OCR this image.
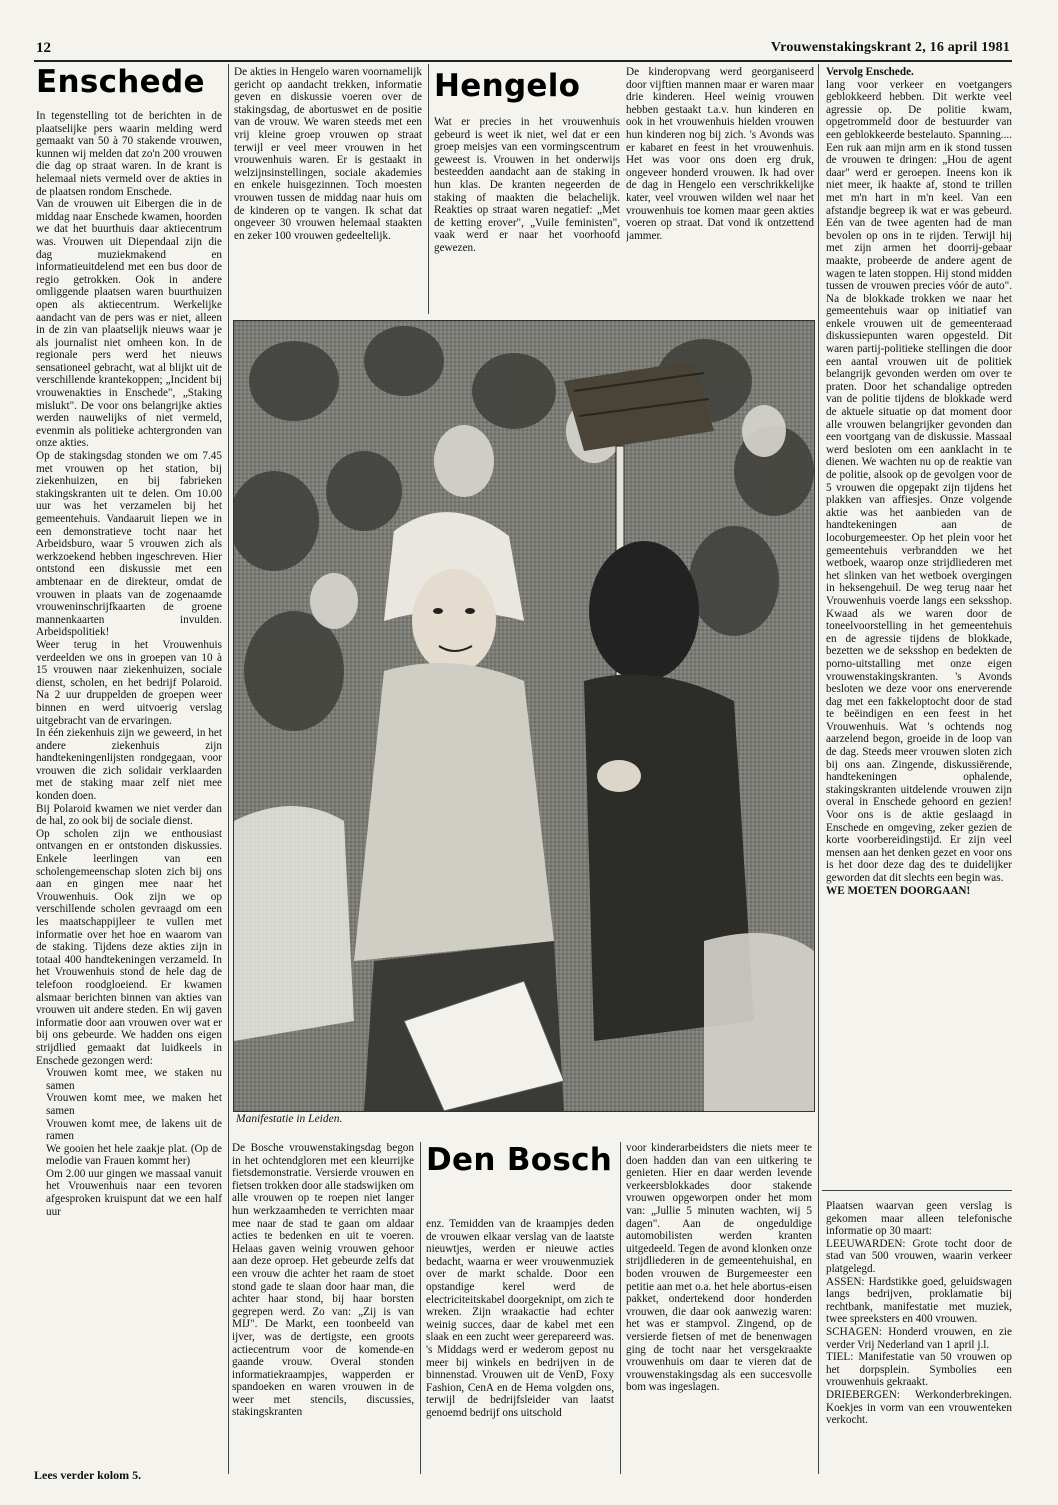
12	Vrouwenstakingskrant 2, 16 april 1981
Enschede

In tegenstelling tot de berichten in de plaatselijke pers waarin melding werd gemaakt van 50 à 70 stakende vrouwen, kunnen wij melden dat zo'n 200 vrouwen die dag op straat waren. In de krant is helemaal niets vermeld over de akties in de plaatsen rondom Enschede.

Van de vrouwen uit Eibergen die in de middag naar Enschede kwamen, hoorden we dat het buurthuis daar aktiecentrum was. Vrouwen uit Diependaal zijn die dag muziekmakend en informatieuitdelend met een bus door de regio getrokken. Ook in andere omliggende plaatsen waren buurthuizen open als aktiecentrum. Werkelijke aandacht van de pers was er niet, alleen in de zin van plaatselijk nieuws waar je als journalist niet omheen kon. In de regionale pers werd het nieuws sensationeel gebracht, wat al blijkt uit de verschillende krantekoppen; „Incident bij vrouwenakties in Enschede", „Staking mislukt". De voor ons belangrijke akties werden nauwelijks of niet vermeld, evenmin als politieke achtergronden van onze akties.

Op de stakingsdag stonden we om 7.45 met vrouwen op het station, bij ziekenhuizen, en bij fabrieken stakingskranten uit te delen. Om 10.00 uur was het verzamelen bij het gemeentehuis. Vandaaruit liepen we in een demonstratieve tocht naar het Arbeidsburo, waar 5 vrouwen zich als werkzoekend hebben ingeschreven. Hier ontstond een diskussie met een ambtenaar en de direkteur, omdat de vrouwen in plaats van de zogenaamde vrouweninschrijfkaarten de groene mannenkaarten invulden. Arbeidspolitiek!

Weer terug in het Vrouwenhuis verdeelden we ons in groepen van 10 à 15 vrouwen naar ziekenhuizen, sociale dienst, scholen, en het bedrijf Polaroid. Na 2 uur druppelden de groepen weer binnen en werd uitvoerig verslag uitgebracht van de ervaringen.

In één ziekenhuis zijn we geweerd, in het andere ziekenhuis zijn handtekeningenlijsten rondgegaan, voor vrouwen die zich solidair verklaarden met de staking maar zelf niet mee konden doen.

Bij Polaroid kwamen we niet verder dan de hal, zo ook bij de sociale dienst.

Op scholen zijn we enthousiast ontvangen en er ontstonden diskussies. Enkele leerlingen van een scholengemeenschap sloten zich bij ons aan en gingen mee naar het Vrouwenhuis. Ook zijn we op verschillende scholen gevraagd om een les maatschappijleer te vullen met informatie over het hoe en waarom van de staking. Tijdens deze akties zijn in totaal 400 handtekeningen verzameld. In het Vrouwenhuis stond de hele dag de telefoon roodgloeiend. Er kwamen alsmaar berichten binnen van akties van vrouwen uit andere steden. En wij gaven informatie door aan vrouwen over wat er bij ons gebeurde. We hadden ons eigen strijdlied gemaakt dat luidkeels in Enschede gezongen werd:

Vrouwen komt mee, we staken nu samen

Vrouwen komt mee, we maken het samen

Vrouwen komt mee, de lakens uit de ramen

We gooien het hele zaakje plat. (Op de melodie van Frauen kommt her)

Om 2.00 uur gingen we massaal vanuit het Vrouwenhuis naar een tevoren afgesproken kruispunt dat we een half uur

Lees verder kolom 5.

De akties in Hengelo waren voornamelijk gericht op aandacht trekken, informatie geven en diskussie voeren over de stakingsdag, de abortuswet en de positie van de vrouw. We waren steeds met een vrij kleine groep vrouwen op straat terwijl er veel meer vrouwen in het vrouwenhuis waren. Er is gestaakt in welzijnsinstellingen, sociale akademies en enkele huisgezinnen. Toch moesten vrouwen tussen de middag naar huis om de kinderen op te vangen. Ik schat dat ongeveer 30 vrouwen helemaal staakten en zeker 100 vrouwen gedeeltelijk.

Hengelo

Wat er precies in het vrouwenhuis gebeurd is weet ik niet, wel dat er een groep meisjes van een vormingscentrum geweest is. Vrouwen in het onderwijs besteedden aandacht aan de staking in hun klas. De kranten negeerden de staking of maakten die belachelijk. Reakties op straat waren negatief: „Met de ketting erover", „Vuile feministen", vaak werd er naar het voorhoofd gewezen.

De kinderopvang werd georganiseerd door vijftien mannen maar er waren maar drie kinderen. Heel weinig vrouwen hebben gestaakt t.a.v. hun kinderen en ook in het vrouwenhuis hielden vrouwen hun kinderen nog bij zich. 's Avonds was er kabaret en feest in het vrouwenhuis. Het was voor ons doen erg druk, ongeveer honderd vrouwen. Ik had over de dag in Hengelo een verschrikkelijke kater, veel vrouwen wilden wel naar het vrouwenhuis toe komen maar geen akties voeren op straat. Dat vond ik ontzettend jammer.

Manifestatie in Leiden.

Vervolg Enschede.

lang voor verkeer en voetgangers geblokkeerd hebben. Dit werkte veel agressie op. De politie kwam, opgetrommeld door de bestuurder van een geblokkeerde bestelauto. Spanning.... Een ruk aan mijn arm en ik stond tussen de vrouwen te dringen: „Hou de agent daar" werd er geroepen. Ineens kon ik niet meer, ik haakte af, stond te trillen met m'n hart in m'n keel. Van een afstandje begreep ik wat er was gebeurd. Eén van de twee agenten had de man bevolen op ons in te rijden. Terwijl hij met zijn armen het doorrij-gebaar maakte, probeerde de andere agent de wagen te laten stoppen. Hij stond midden tussen de vrouwen precies vóór de auto". Na de blokkade trokken we naar het gemeentehuis waar op initiatief van enkele vrouwen uit de gemeenteraad diskussiepunten waren opgesteld. Dit waren partij-politieke stellingen die door een aantal vrouwen uit de politiek belangrijk gevonden werden om over te praten. Door het schandalige optreden van de politie tijdens de blokkade werd de aktuele situatie op dat moment door alle vrouwen belangrijker gevonden dan een voortgang van de diskussie. Massaal werd besloten om een aanklacht in te dienen. We wachten nu op de reaktie van de politie, alsook op de gevolgen voor de 5 vrouwen die opgepakt zijn tijdens het plakken van affiesjes. Onze volgende aktie was het aanbieden van de handtekeningen aan de locoburgemeester. Op het plein voor het gemeentehuis verbrandden we het wetboek, waarop onze strijdliederen met het slinken van het wetboek overgingen in heksengehuil. De weg terug naar het Vrouwenhuis voerde langs een seksshop. Kwaad als we waren door de toneelvoorstelling in het gemeentehuis en de agressie tijdens de blokkade, bezetten we de seksshop en bedekten de porno-uitstalling met onze eigen vrouwenstakingskranten. 's Avonds besloten we deze voor ons enerverende dag met een fakkeloptocht door de stad te beëindigen en een feest in het Vrouwenhuis. Wat 's ochtends nog aarzelend begon, groeide in de loop van de dag. Steeds meer vrouwen sloten zich bij ons aan. Zingende, diskussiërende, handtekeningen ophalende, stakingskranten uitdelende vrouwen zijn overal in Enschede gehoord en gezien! Voor ons is de aktie geslaagd in Enschede en omgeving, zeker gezien de korte voorbereidingstijd. Er zijn veel mensen aan het denken gezet en voor ons is het door deze dag des te duidelijker geworden dat dit slechts een begin was.

WE MOETEN DOORGAAN!

De Bosche vrouwenstakingsdag begon in het ochtendgloren met een kleurrijke fietsdemonstratie. Versierde vrouwen en fietsen trokken door alle stadswijken om alle vrouwen op te roepen niet langer hun werkzaamheden te verrichten maar mee naar de stad te gaan om aldaar acties te bedenken en uit te voeren. Helaas gaven weinig vrouwen gehoor aan deze oproep. Het gebeurde zelfs dat een vrouw die achter het raam de stoet stond gade te slaan door haar man, die achter haar stond, bij haar borsten gegrepen werd. Zo van: „Zij is van MIJ". De Markt, een toonbeeld van ijver, was de dertigste, een groots actiecentrum voor de komende-en gaande vrouw. Overal stonden informatiekraampjes, wapperden er spandoeken en waren vrouwen in de weer met stencils, discussies, stakingskranten

Den Bosch

enz. Temidden van de kraampjes deden de vrouwen elkaar verslag van de laatste nieuwtjes, werden er nieuwe acties bedacht, waarna er weer vrouwenmuziek over de markt schalde. Door een opstandige kerel werd de electriciteitskabel doorgeknipt, om zich te wreken. Zijn wraakactie had echter weinig succes, daar de kabel met een slaak en een zucht weer gerepareerd was. 's Middags werd er wederom gepost nu meer bij winkels en bedrijven in de binnenstad. Vrouwen uit de VenD, Foxy Fashion, CenA en de Hema volgden ons, terwijl de bedrijfsleider van laatst genoemd bedrijf ons uitschold

voor kinderarbeidsters die niets meer te doen hadden dan van een uitkering te genieten. Hier en daar werden levende verkeersblokkades door stakende vrouwen opgeworpen onder het mom van: „Jullie 5 minuten wachten, wij 5 dagen". Aan de ongeduldige automobilisten werden kranten uitgedeeld. Tegen de avond klonken onze strijdliederen in de gemeentehuishal, en boden vrouwen de Burgemeester een petitie aan met o.a. het hele abortus-eisen pakket, ondertekend door honderden vrouwen, die daar ook aanwezig waren: het was er stampvol. Zingend, op de versierde fietsen of met de benenwagen ging de tocht naar het versgekraakte vrouwenhuis om daar te vieren dat de vrouwenstakingsdag als een succesvolle bom was ingeslagen.

Plaatsen waarvan geen verslag is gekomen maar alleen telefonische informatie op 30 maart:

LEEUWARDEN: Grote tocht door de stad van 500 vrouwen, waarin verkeer platgelegd.

ASSEN: Hardstikke goed, geluidswagen langs bedrijven, proklamatie bij rechtbank, manifestatie met muziek, twee spreeksters en 400 vrouwen.

SCHAGEN: Honderd vrouwen, en zie verder Vrij Nederland van 1 april j.l.

TIEL: Manifestatie van 50 vrouwen op het dorpsplein. Symbolies een vrouwenhuis gekraakt.

DRIEBERGEN: Werkonderbrekingen. Koekjes in vorm van een vrouwenteken verkocht.
